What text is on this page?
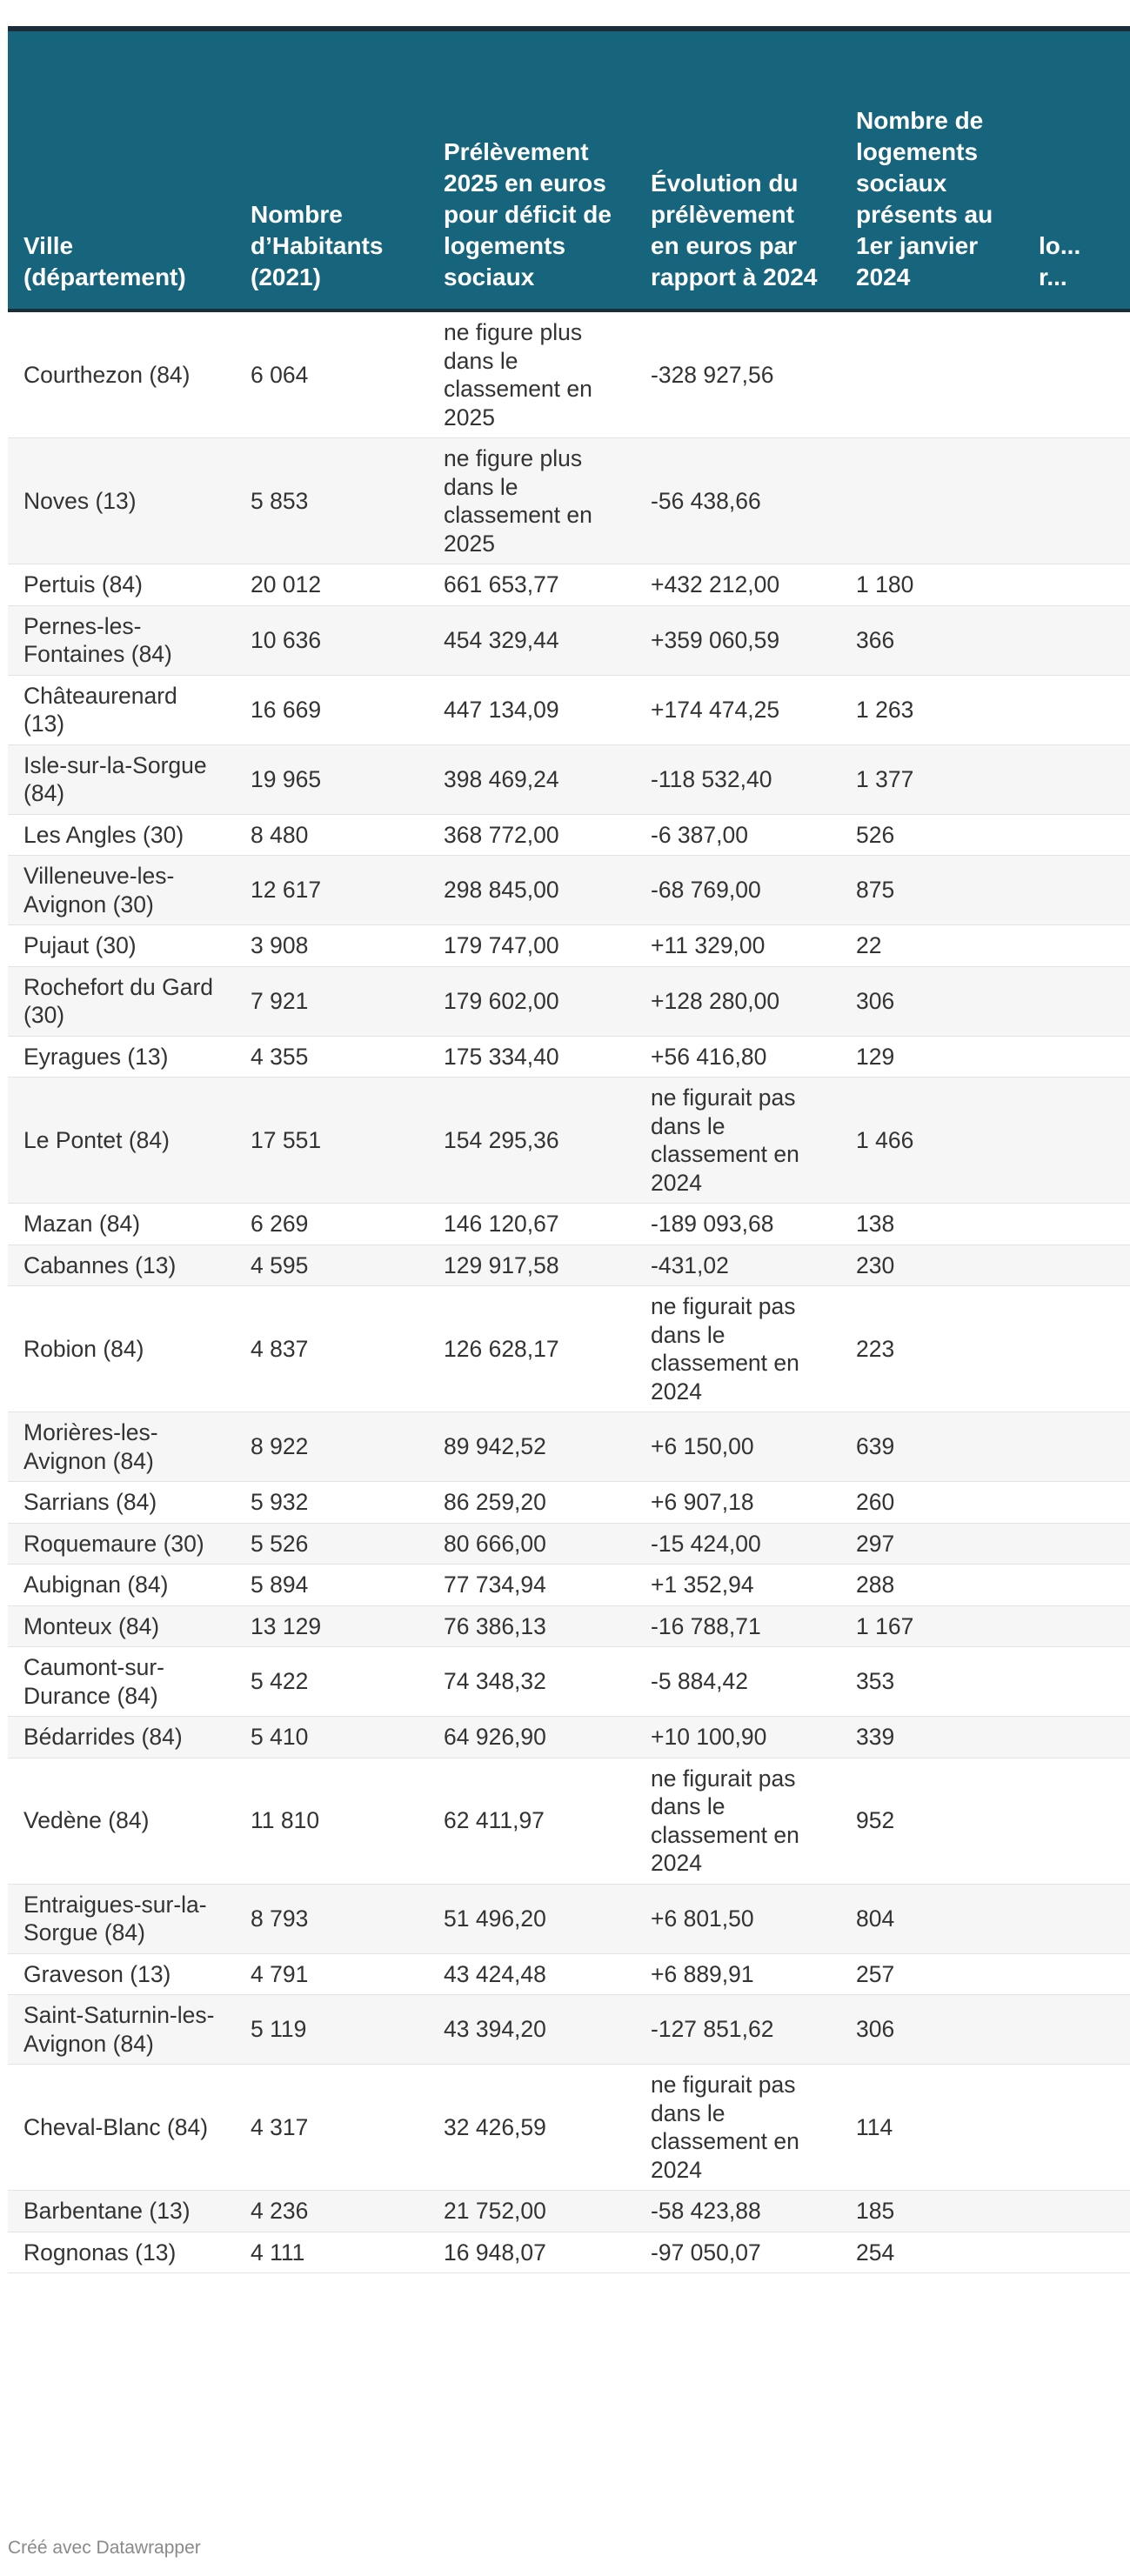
Ville (département)	Nombre d’Habitants (2021)	Prélèvement 2025 en euros pour déficit de logements sociaux	Évolution du prélèvement en euros par rapport à 2024	Nombre de logements sociaux présents au 1er janvier 2024	lo... r...
Courthezon (84)	6 064	ne figure plus dans le classement en 2025	-328 927,56		
Noves (13)	5 853	ne figure plus dans le classement en 2025	-56 438,66		
Pertuis (84)	20 012	661 653,77	+432 212,00	1 180	
Pernes-les-Fontaines (84)	10 636	454 329,44	+359 060,59	366	
Châteaurenard (13)	16 669	447 134,09	+174 474,25	1 263	
Isle-sur-la-Sorgue (84)	19 965	398 469,24	-118 532,40	1 377	
Les Angles (30)	8 480	368 772,00	-6 387,00	526	
Villeneuve-les-Avignon (30)	12 617	298 845,00	-68 769,00	875	
Pujaut (30)	3 908	179 747,00	+11 329,00	22	
Rochefort du Gard (30)	7 921	179 602,00	+128 280,00	306	
Eyragues (13)	4 355	175 334,40	+56 416,80	129	
Le Pontet (84)	17 551	154 295,36	ne figurait pas dans le classement en 2024	1 466	
Mazan (84)	6 269	146 120,67	-189 093,68	138	
Cabannes (13)	4 595	129 917,58	-431,02	230	
Robion (84)	4 837	126 628,17	ne figurait pas dans le classement en 2024	223	
Morières-les-Avignon (84)	8 922	89 942,52	+6 150,00	639	
Sarrians (84)	5 932	86 259,20	+6 907,18	260	
Roquemaure (30)	5 526	80 666,00	-15 424,00	297	
Aubignan (84)	5 894	77 734,94	+1 352,94	288	
Monteux (84)	13 129	76 386,13	-16 788,71	1 167	
Caumont-sur-Durance (84)	5 422	74 348,32	-5 884,42	353	
Bédarrides (84)	5 410	64 926,90	+10 100,90	339	
Vedène (84)	11 810	62 411,97	ne figurait pas dans le classement en 2024	952	
Entraigues-sur-la-Sorgue (84)	8 793	51 496,20	+6 801,50	804	
Graveson (13)	4 791	43 424,48	+6 889,91	257	
Saint-Saturnin-les-Avignon (84)	5 119	43 394,20	-127 851,62	306	
Cheval-Blanc (84)	4 317	32 426,59	ne figurait pas dans le classement en 2024	114	
Barbentane (13)	4 236	21 752,00	-58 423,88	185	
Rognonas (13)	4 111	16 948,07	-97 050,07	254	
Créé avec Datawrapper
